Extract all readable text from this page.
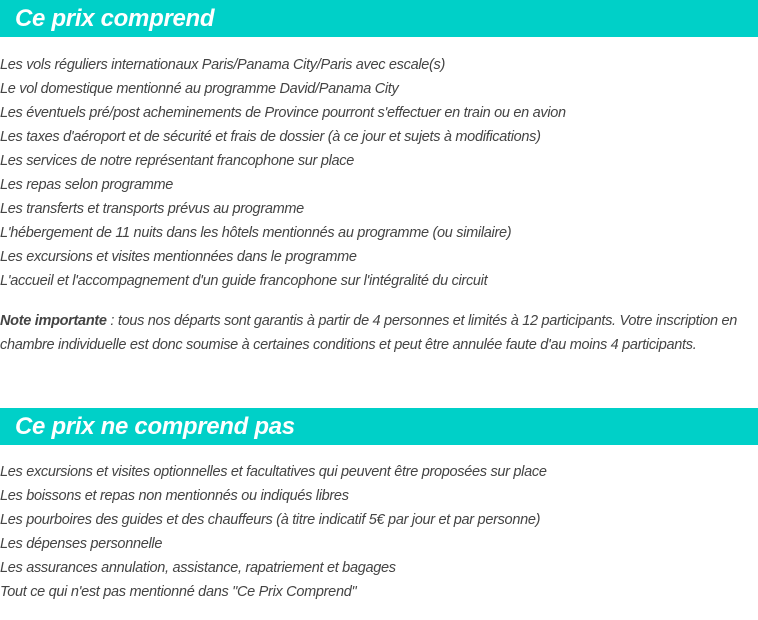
Ce prix comprend
Les vols réguliers internationaux Paris/Panama City/Paris avec escale(s)
Le vol domestique mentionné au programme David/Panama City
Les éventuels pré/post acheminements de Province pourront s'effectuer en train ou en avion
Les taxes d'aéroport et de sécurité et frais de dossier (à ce jour et sujets à modifications)
Les services de notre représentant francophone sur place
Les repas selon programme
Les transferts et transports prévus au programme
L'hébergement de 11 nuits dans les hôtels mentionnés au programme (ou similaire)
Les excursions et visites mentionnées dans le programme
L'accueil et l'accompagnement d'un guide francophone sur l'intégralité du circuit

Note importante : tous nos départs sont garantis à partir de 4 personnes et limités à 12 participants. Votre inscription en chambre individuelle est donc soumise à certaines conditions et peut être annulée faute d'au moins 4 participants.

Ce prix ne comprend pas
Les excursions et visites optionnelles et facultatives qui peuvent être proposées sur place
Les boissons et repas non mentionnés ou indiqués libres
Les pourboires des guides et des chauffeurs (à titre indicatif 5€ par jour et par personne)
Les dépenses personnelle
Les assurances annulation, assistance, rapatriement et bagages
Tout ce qui n'est pas mentionné dans "Ce Prix Comprend"
